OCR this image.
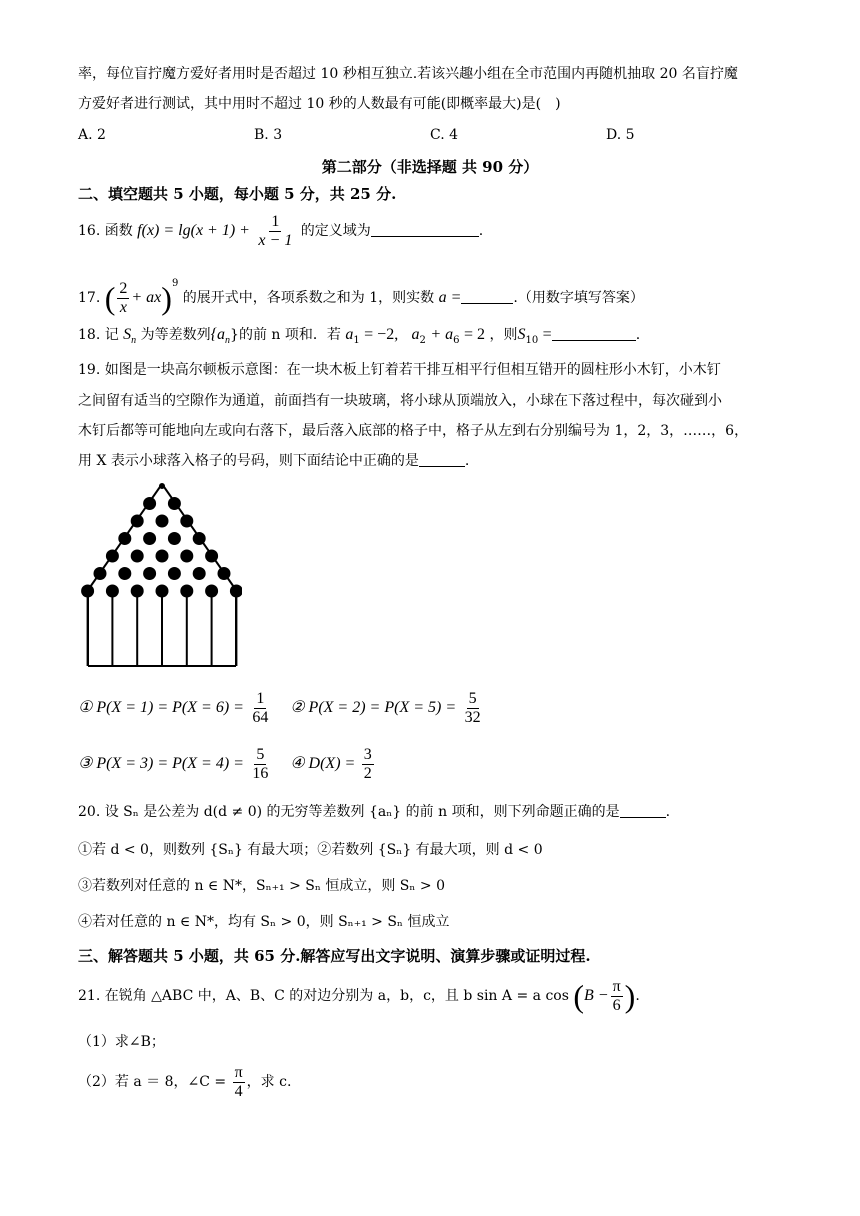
率，每位盲拧魔方爱好者用时是否超过 10 秒相互独立.若该兴趣小组在全市范围内再随机抽取 20 名盲拧魔
方爱好者进行测试，其中用时不超过 10 秒的人数最有可能(即概率最大)是(　)
A. 2	B. 3	C. 4	D. 5
第二部分（非选择题 共 90 分）
二、填空题共 5 小题，每小题 5 分，共 25 分.
16. 函数 $f(x) = \lg(x + 1) + \frac{1}{x - 1}$ 的定义域为	.
17. ( $\frac{2}{x} + ax)^9$ 的展开式中，各项系数之和为 1，则实数 a =	.（用数字填写答案）
18. 记 $S_n$ 为等差数列$\{a_n\}$的前 n 项和．若 $a_1 = -2$, $a_2 + a_6 = 2$ ，则$S_{10}$ =	.
19. 如图是一块高尔顿板示意图：在一块木板上钉着若干排互相平行但相互错开的圆柱形小木钉，小木钉
之间留有适当的空隙作为通道，前面挡有一块玻璃，将小球从顶端放入，小球在下落过程中，每次碰到小
木钉后都等可能地向左或向右落下，最后落入底部的格子中，格子从左到右分别编号为 1，2，3，……，6，
用 X 表示小球落入格子的号码，则下面结论中正确的是	.
① $P(X = 1) = P(X = 6) = \frac{1}{64}$ ② $P(X = 2) = P(X = 5) = \frac{5}{32}$
③ $P(X = 3) = P(X = 4) = \frac{5}{16}$ ④ $D(X) = \frac{3}{2}$
20. 设 Sₙ 是公差为 d(d ≠ 0) 的无穷等差数列 {aₙ} 的前 n 项和，则下列命题正确的是	.
①若 d < 0，则数列 {Sₙ} 有最大项；②若数列 {Sₙ} 有最大项，则 d < 0
③若数列对任意的 n ∈ N*，Sₙ₊₁ > Sₙ 恒成立，则 Sₙ > 0
④若对任意的 n ∈ N*，均有 Sₙ > 0，则 Sₙ₊₁ > Sₙ 恒成立
三、解答题共 5 小题，共 65 分.解答应写出文字说明、演算步骤或证明过程.
21. 在锐角 △ABC 中，A、B、C 的对边分别为 a，b，c，且 b sin A = a $\cos (B - \frac{\pi}{6}$ ).
（1）求∠B；
（2）若 a ＝ 8，∠C = $\frac{\pi}{4}$ ，求 c.
